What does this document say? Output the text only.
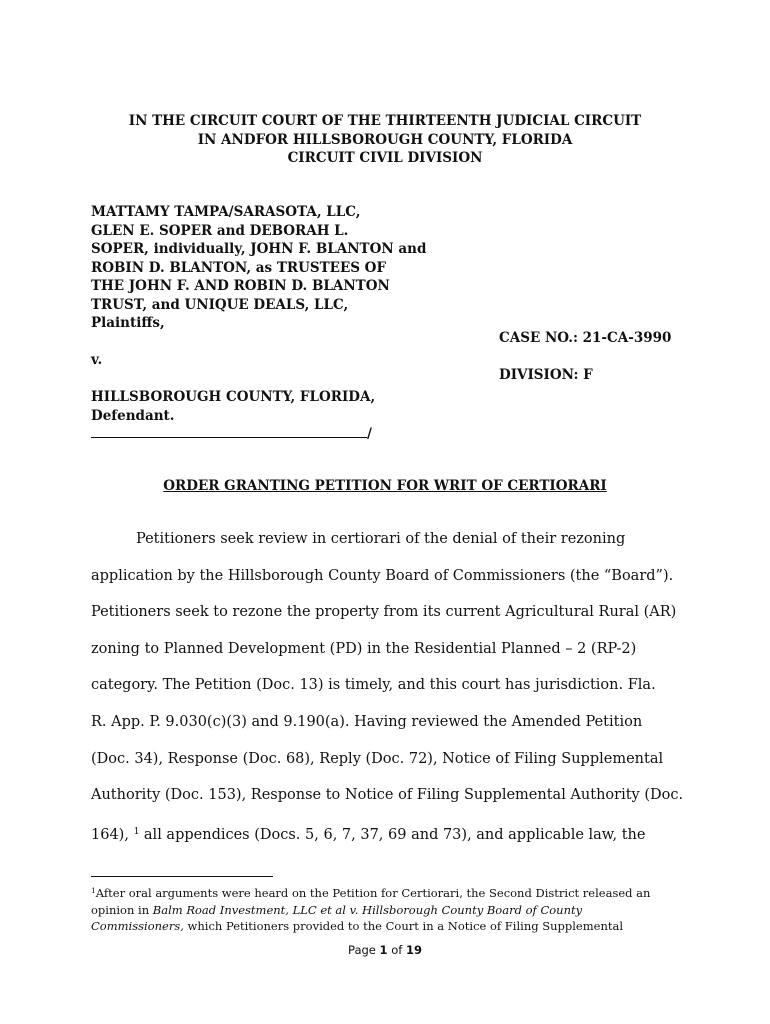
IN THE CIRCUIT COURT OF THE THIRTEENTH JUDICIAL CIRCUIT
IN ANDFOR HILLSBOROUGH COUNTY, FLORIDA
CIRCUIT CIVIL DIVISION
MATTAMY TAMPA/SARASOTA, LLC,
GLEN E. SOPER and DEBORAH L.
SOPER, individually, JOHN F. BLANTON and
ROBIN D. BLANTON, as TRUSTEES OF
THE JOHN F. AND ROBIN D. BLANTON
TRUST, and UNIQUE DEALS, LLC,
Plaintiffs,
v.
HILLSBOROUGH COUNTY, FLORIDA,
Defendant.
/
CASE NO.: 21-CA-3990
DIVISION: F
ORDER GRANTING PETITION FOR WRIT OF CERTIORARI
Petitioners seek review in certiorari of the denial of their rezoning
application by the Hillsborough County Board of Commissioners (the “Board”).
Petitioners seek to rezone the property from its current Agricultural Rural (AR)
zoning to Planned Development (PD) in the Residential Planned – 2 (RP-2)
category. The Petition (Doc. 13) is timely, and this court has jurisdiction. Fla.
R. App. P. 9.030(c)(3) and 9.190(a). Having reviewed the Amended Petition
(Doc. 34), Response (Doc. 68), Reply (Doc. 72), Notice of Filing Supplemental
Authority (Doc. 153), Response to Notice of Filing Supplemental Authority (Doc.
164), $^1$ all appendices (Docs. 5, 6, 7, 37, 69 and 73), and applicable law, the
$^1$After oral arguments were heard on the Petition for Certiorari, the Second District released an
opinion in Balm Road Investment, LLC et al v. Hillsborough County Board of County
Commissioners, which Petitioners provided to the Court in a Notice of Filing Supplemental
Page 1 of 19
